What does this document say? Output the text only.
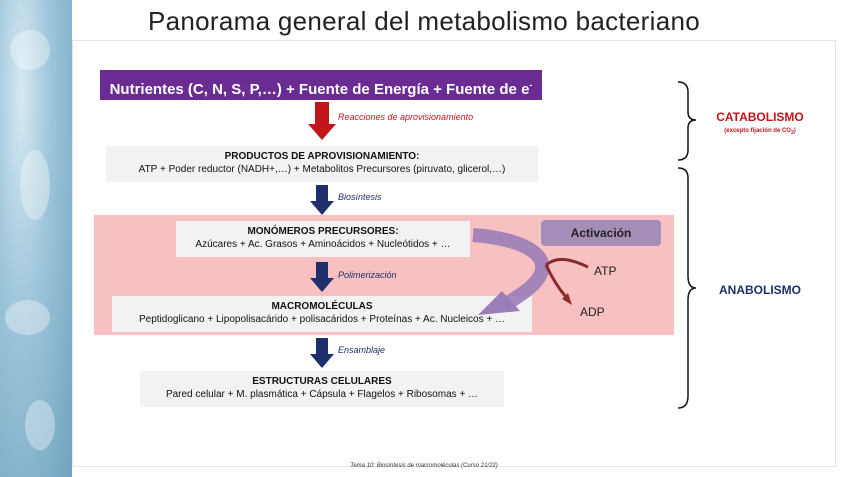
Panorama general del metabolismo bacteriano
Nutrientes (C, N, S, P,…) + Fuente de Energía + Fuente de e-
Reacciones de aprovisionamiento
PRODUCTOS DE APROVISIONAMIENTO:
ATP + Poder reductor (NADH+,…) + Metabolitos Precursores (piruvato, glicerol,…)
Biosíntesis
MONÓMEROS PRECURSORES:
Azúcares + Ac. Grasos + Aminoácidos + Nucleótidos + …
Polimerización
MACROMOLÉCULAS
Peptidoglicano + Lipopolisacárido + polisacáridos + Proteínas + Ac. Nucleicos + …
Activación
ATP
ADP
Ensamblaje
ESTRUCTURAS CELULARES
Pared celular + M. plasmática + Cápsula + Flagelos + Ribosomas + …
CATABOLISMO
(excepto fijación de $CO_2$)
ANABOLISMO
Tema 10: Biosíntesis de macromoléculas (Curso 21/22)
